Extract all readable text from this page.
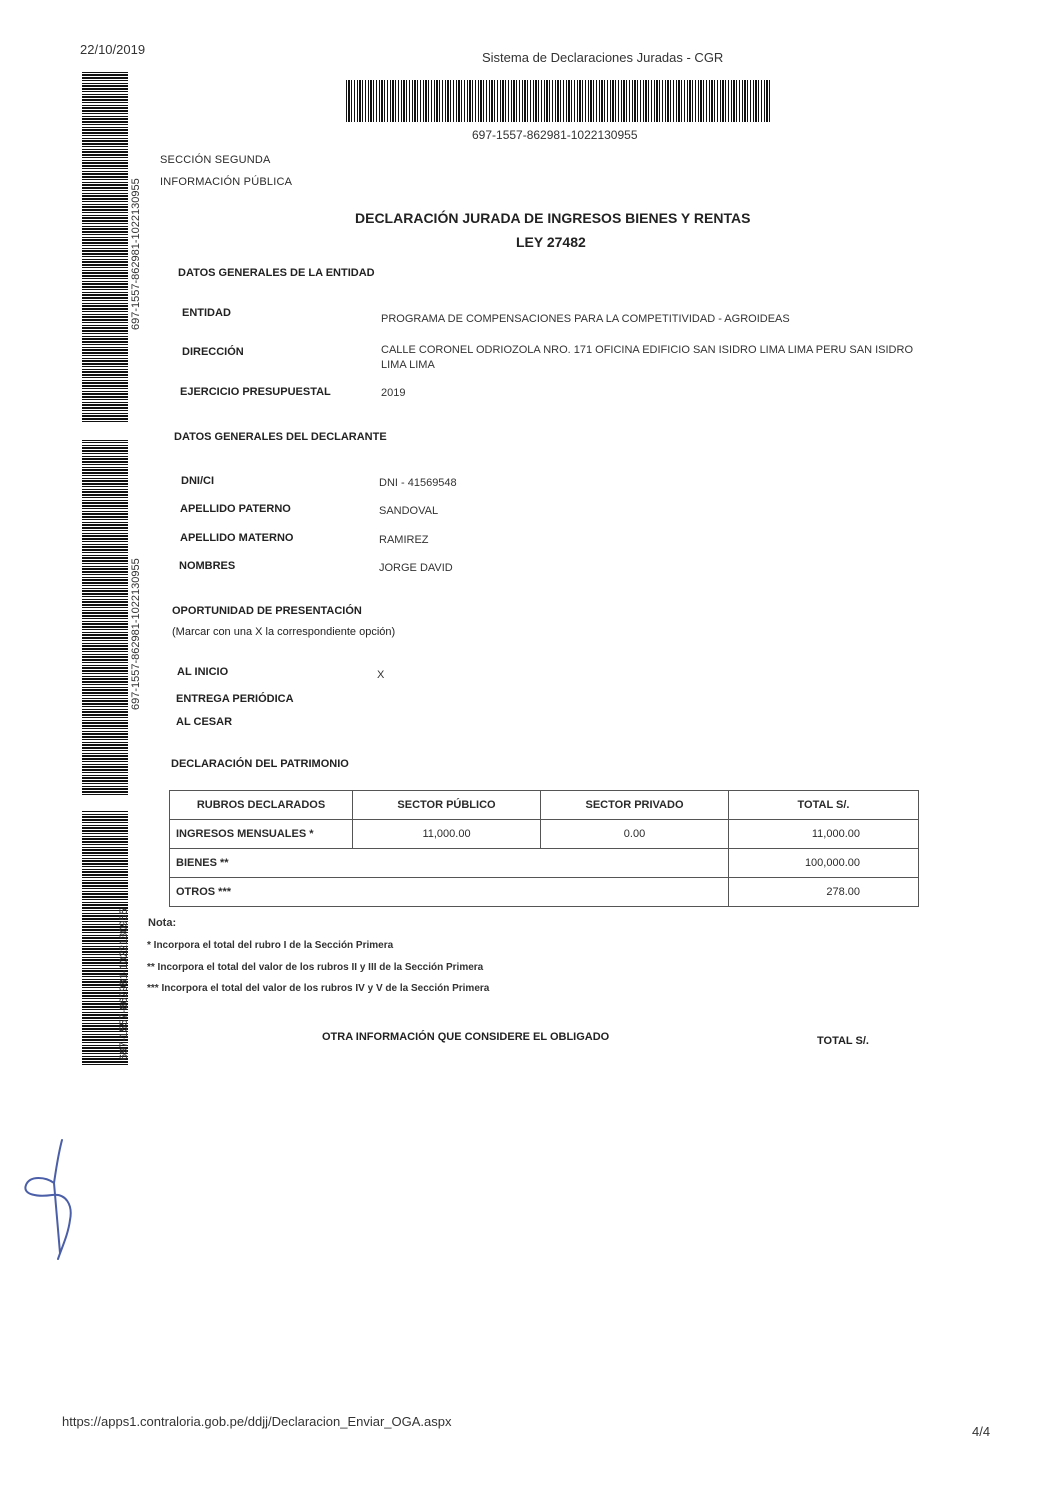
22/10/2019
Sistema de Declaraciones Juradas - CGR
697-1557-862981-1022130955
697-1557-862981-1022130955
697-1557-862981-1022130955
697-1557-862981-1022130955
SECCIÓN SEGUNDA
INFORMACIÓN PÚBLICA
DECLARACIÓN JURADA DE INGRESOS BIENES Y RENTAS
LEY 27482
DATOS GENERALES DE LA ENTIDAD
ENTIDAD	PROGRAMA DE COMPENSACIONES PARA LA COMPETITIVIDAD - AGROIDEAS
DIRECCIÓN	CALLE CORONEL ODRIOZOLA NRO. 171 OFICINA EDIFICIO SAN ISIDRO LIMA LIMA PERU SAN ISIDRO
LIMA LIMA
EJERCICIO PRESUPUESTAL	2019
DATOS GENERALES DEL DECLARANTE
DNI/CI	DNI - 41569548
APELLIDO PATERNO	SANDOVAL
APELLIDO MATERNO	RAMIREZ
NOMBRES	JORGE DAVID
OPORTUNIDAD DE PRESENTACIÓN
(Marcar con una X la correspondiente opción)
AL INICIO	X
ENTREGA PERIÓDICA
AL CESAR
DECLARACIÓN DEL PATRIMONIO
RUBROS DECLARADOS	SECTOR PÚBLICO	SECTOR PRIVADO	TOTAL S/.
INGRESOS MENSUALES *	11,000.00	0.00	11,000.00
BIENES **			100,000.00
OTROS ***			278.00
Nota:
* Incorpora el total del rubro I de la Sección Primera
** Incorpora el total del valor de los rubros II y III de la Sección Primera
*** Incorpora el total del valor de los rubros IV y V de la Sección Primera
OTRA INFORMACIÓN QUE CONSIDERE EL OBLIGADO	TOTAL S/.
https://apps1.contraloria.gob.pe/ddjj/Declaracion_Enviar_OGA.aspx
4/4
